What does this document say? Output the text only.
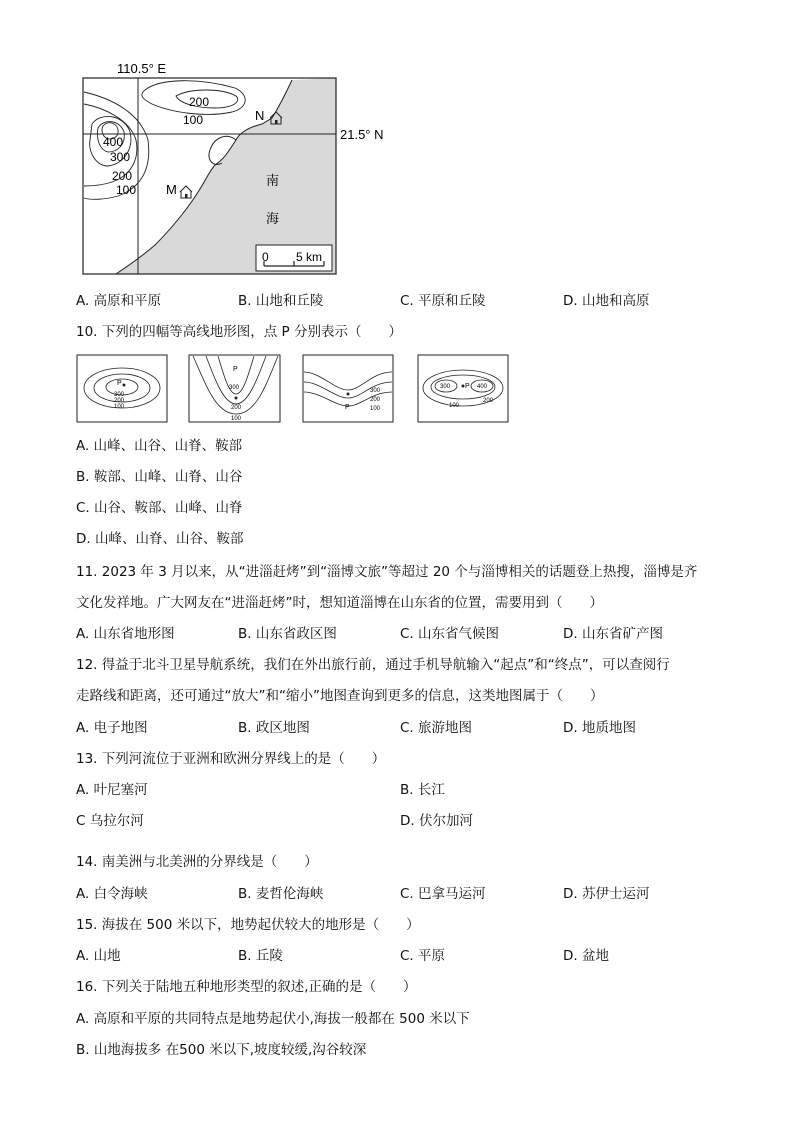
110.5° E
21.5° N
200
100
400
300
200
100
南
海
N
M
0 5 km
A. 高原和平原	B. 山地和丘陵	C. 平原和丘陵	D. 山地和高原
10. 下列的四幅等高线地形图，点 P 分别表示（　　）
P
300
200
100
P
300
200
100
P
300
200
100
P
300	400
200
100
A. 山峰、山谷、山脊、鞍部
B. 鞍部、山峰、山脊、山谷
C. 山谷、鞍部、山峰、山脊
D. 山峰、山脊、山谷、鞍部
11. 2023 年 3 月以来，从“进淄赶烤”到“淄博文旅”等超过 20 个与淄博相关的话题登上热搜，淄博是齐
文化发祥地。广大网友在“进淄赶烤”时，想知道淄博在山东省的位置，需要用到（　　）
A. 山东省地形图	B. 山东省政区图	C. 山东省气候图	D. 山东省矿产图
12. 得益于北斗卫星导航系统，我们在外出旅行前，通过手机导航输入“起点”和“终点”，可以查阅行
走路线和距离，还可通过“放大”和“缩小”地图查询到更多的信息，这类地图属于（　　）
A. 电子地图	B. 政区地图	C. 旅游地图	D. 地质地图
13. 下列河流位于亚洲和欧洲分界线上的是（　　）
A. 叶尼塞河	B. 长江
C 乌拉尔河	D. 伏尔加河
14. 南美洲与北美洲的分界线是（　　）
A. 白令海峡	B. 麦哲伦海峡	C. 巴拿马运河	D. 苏伊士运河
15. 海拔在 500 米以下，地势起伏较大的地形是（　　）
A. 山地	B. 丘陵	C. 平原	D. 盆地
16. 下列关于陆地五种地形类型的叙述,正确的是（　　）
A. 高原和平原的共同特点是地势起伏小,海拔一般都在 500 米以下
B. 山地海拔多 在500 米以下,坡度较缓,沟谷较深
